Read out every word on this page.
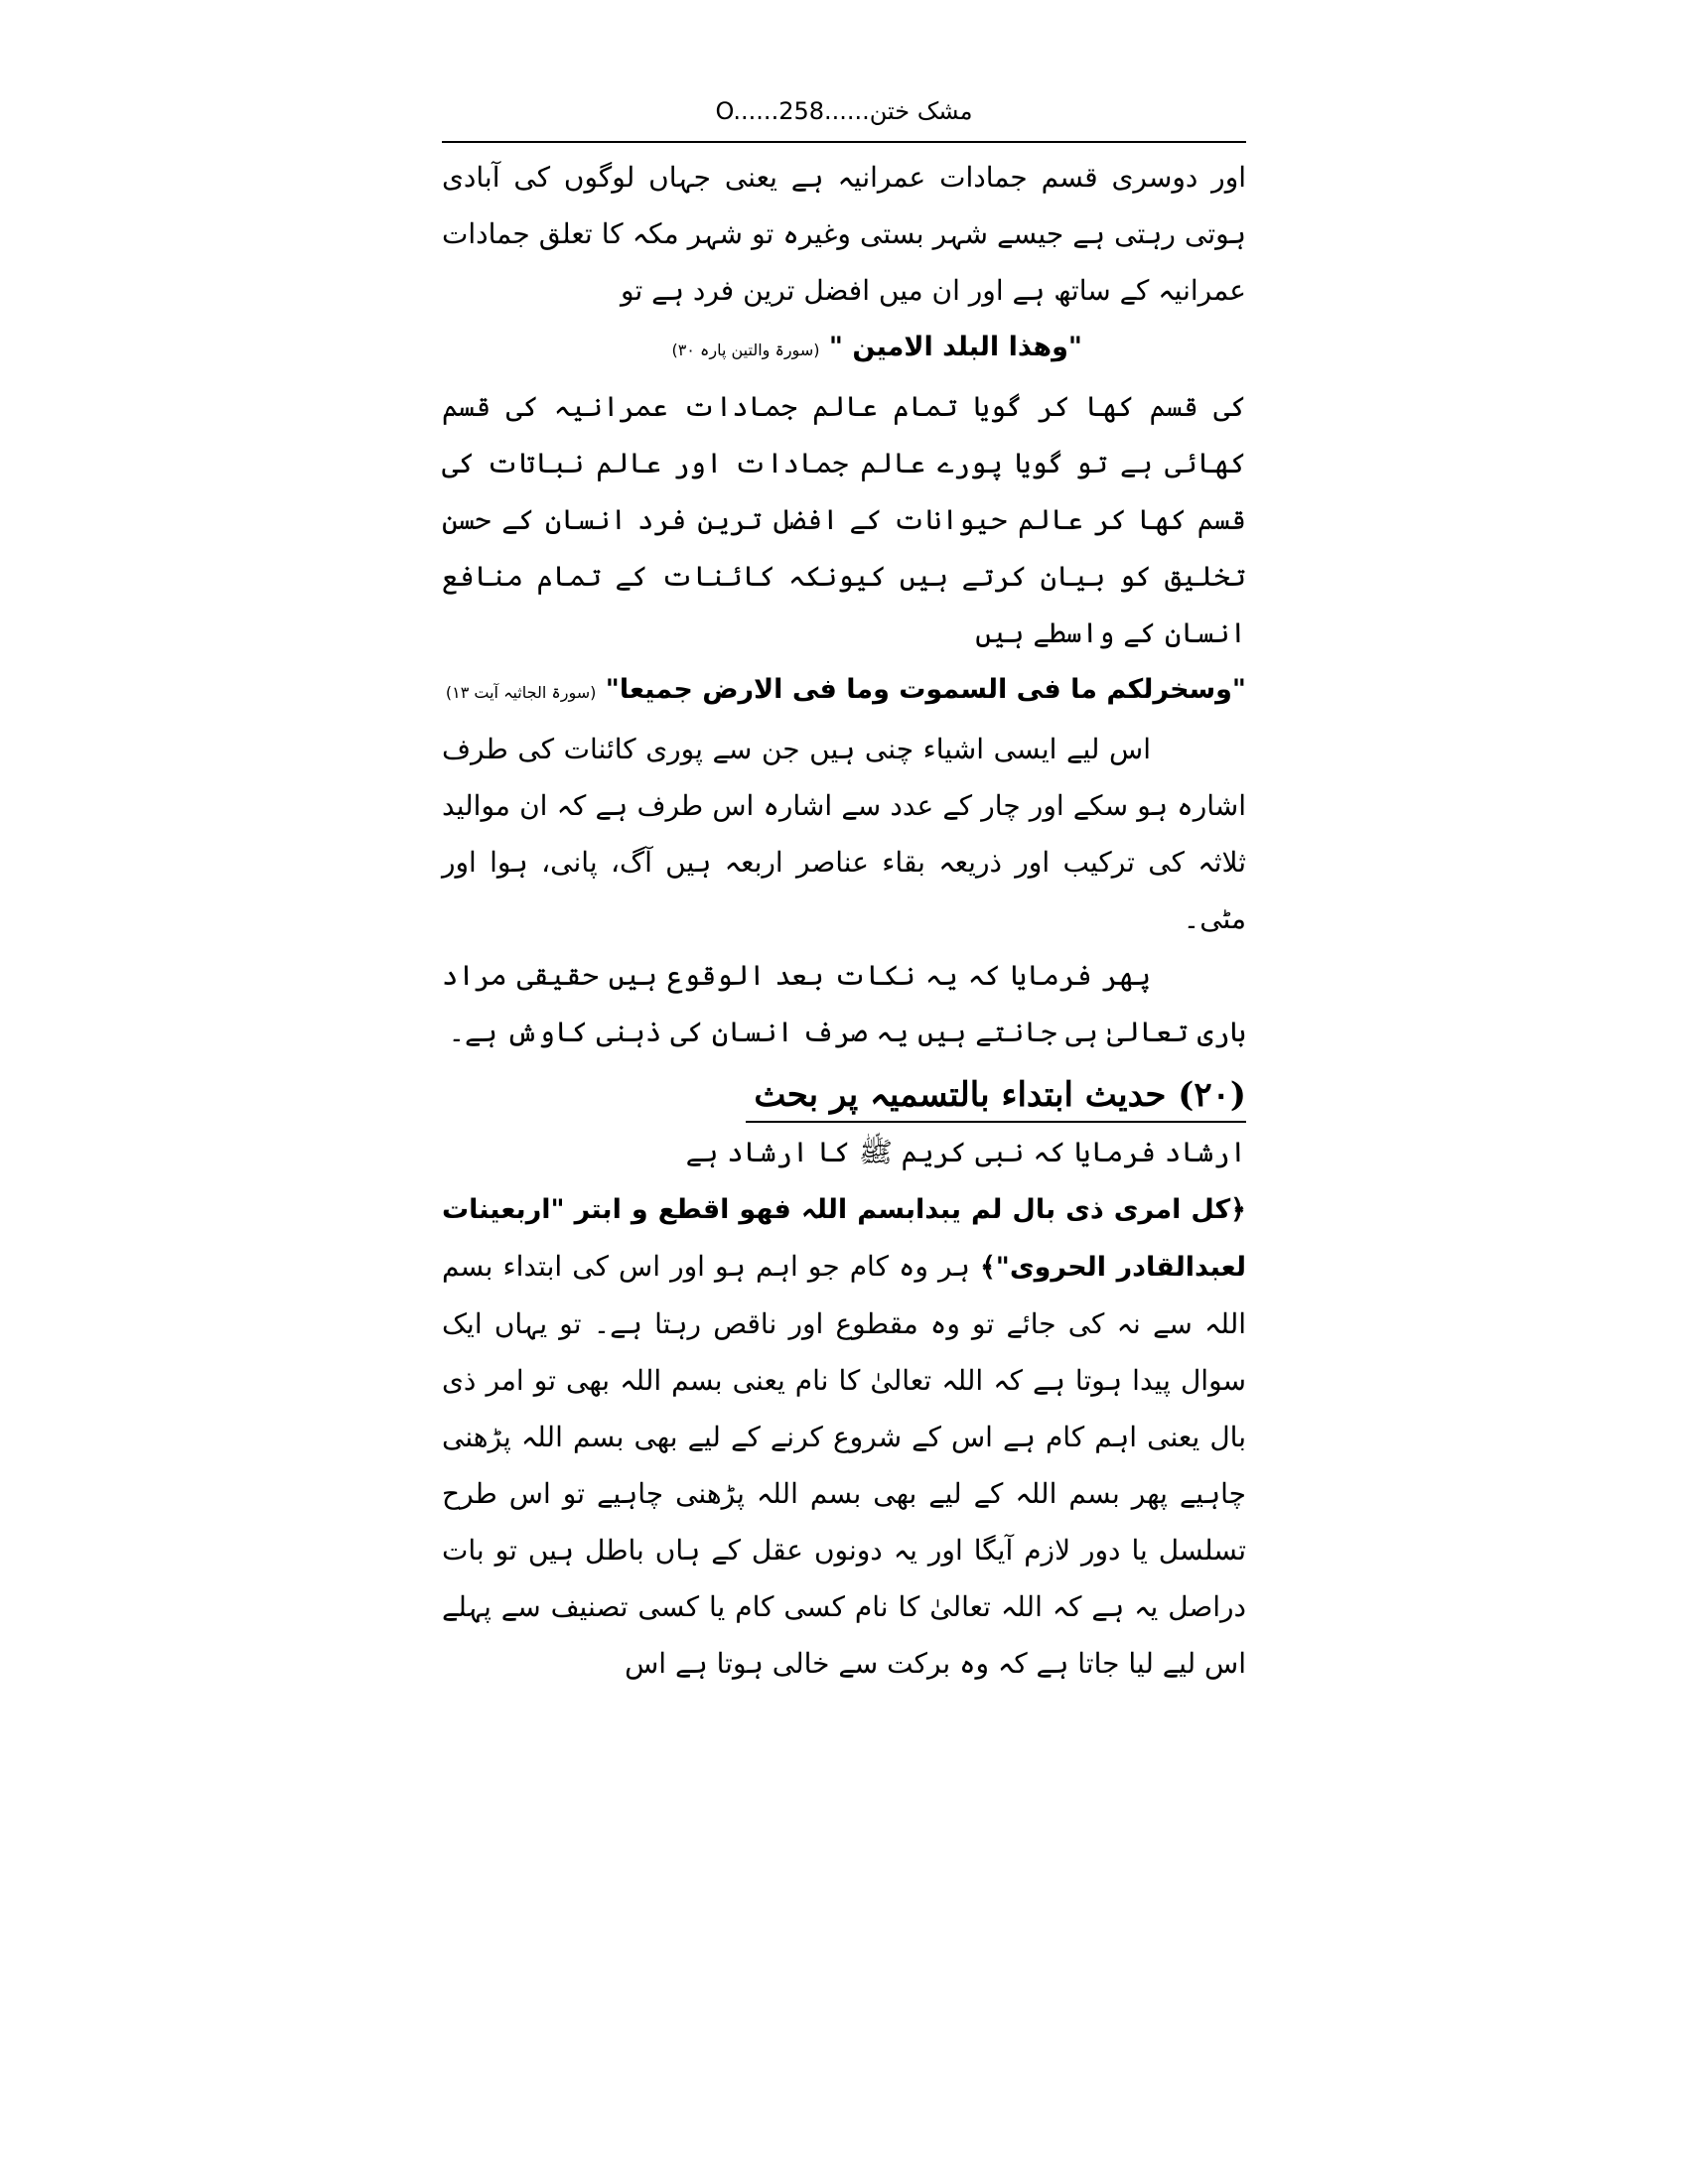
مشک ختن......O......258

اور دوسری قسم جمادات عمرانیہ ہے یعنی جہاں لوگوں کی آبادی ہوتی رہتی ہے جیسے شہر بستی وغیرہ تو شہر مکہ کا تعلق جمادات عمرانیہ کے ساتھ ہے اور ان میں افضل ترین فرد ہے تو

"وھذا البلد الامین " (سورۃ والتین پارہ ۳۰)

کی قسم کھا کر گویا تمام عالم جمادات عمرانیہ کی قسم کھائی ہے تو گویا پورے عالم جمادات اور عالم نباتات کی قسم کھا کر عالم حیوانات کے افضل ترین فرد انسان کے حسن تخلیق کو بیان کرتے ہیں کیونکہ کائنات کے تمام منافع انسان کے واسطے ہیں

"وسخرلکم ما فی السموت وما فی الارض جمیعا" (سورۃ الجاثیہ آیت ۱۳)

اس لیے ایسی اشیاء چنی ہیں جن سے پوری کائنات کی طرف اشارہ ہو سکے اور چار کے عدد سے اشارہ اس طرف ہے کہ ان موالید ثلاثہ کی ترکیب اور ذریعہ بقاء عناصر اربعہ ہیں آگ، پانی، ہوا اور مٹی۔

پھر فرمایا کہ یہ نکات بعد الوقوع ہیں حقیقی مراد باری تعالیٰ ہی جانتے ہیں یہ صرف انسان کی ذہنی کاوش ہے۔

(۲۰) حدیث ابتداء بالتسمیہ پر بحث

ارشاد فرمایا کہ نبی کریم ﷺ کا ارشاد ہے

﴿کل امری ذی بال لم یبدابسم اللہ فھو اقطع و ابتر "اربعینات لعبدالقادر الحروی"﴾ ہر وہ کام جو اہم ہو اور اس کی ابتداء بسم اللہ سے نہ کی جائے تو وہ مقطوع اور ناقص رہتا ہے۔ تو یہاں ایک سوال پیدا ہوتا ہے کہ اللہ تعالیٰ کا نام یعنی بسم اللہ بھی تو امر ذی بال یعنی اہم کام ہے اس کے شروع کرنے کے لیے بھی بسم اللہ پڑھنی چاہیے پھر بسم اللہ کے لیے بھی بسم اللہ پڑھنی چاہیے تو اس طرح تسلسل یا دور لازم آیگا اور یہ دونوں عقل کے ہاں باطل ہیں تو بات دراصل یہ ہے کہ اللہ تعالیٰ کا نام کسی کام یا کسی تصنیف سے پہلے اس لیے لیا جاتا ہے کہ وہ برکت سے خالی ہوتا ہے اس
